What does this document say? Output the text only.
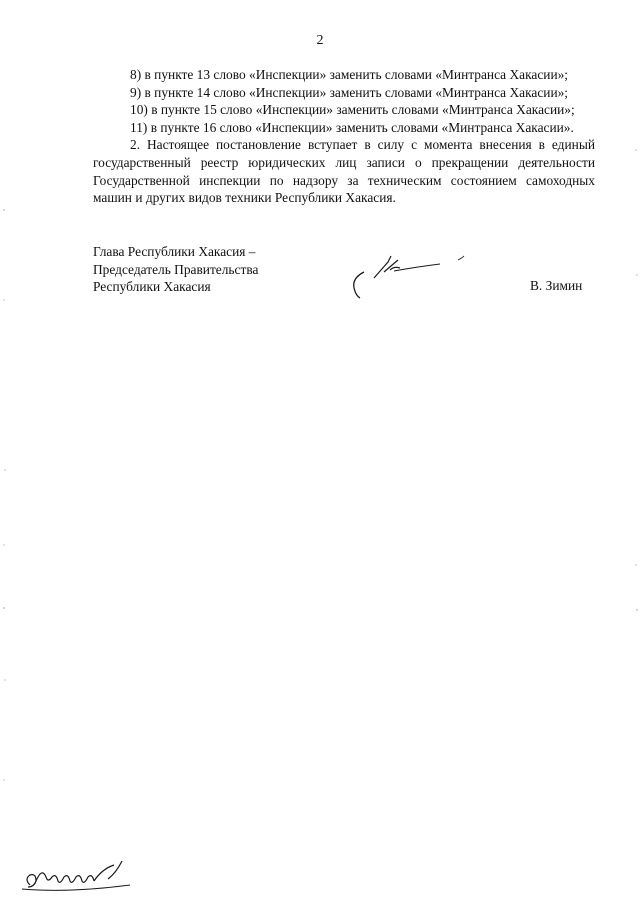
2

8) в пункте 13 слово «Инспекции» заменить словами «Минтранса Хакасии»;

9) в пункте 14 слово «Инспекции» заменить словами «Минтранса Хакасии»;

10) в пункте 15 слово «Инспекции» заменить словами «Минтранса Хакасии»;

11) в пункте 16 слово «Инспекции» заменить словами «Минтранса Хакасии».

2. Настоящее постановление вступает в силу с момента внесения в единый государственный реестр юридических лиц записи о прекращении деятельности Государственной инспекции по надзору за техническим состоянием самоходных машин и других видов техники Республики Хакасия.

Глава Республики Хакасия –
Председатель Правительства
Республики Хакасия	В. Зимин
